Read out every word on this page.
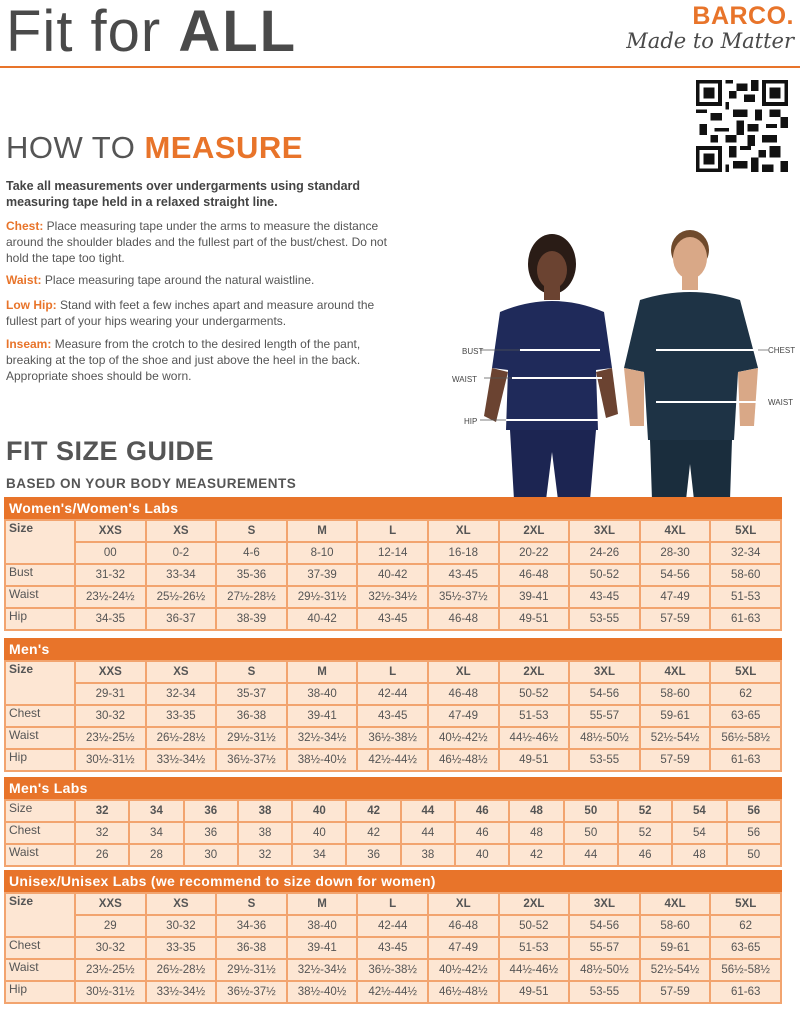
Fit for ALL	BARCO.
Made to Matter
HOW TO MEASURE
Take all measurements over undergarments using standard measuring tape held in a relaxed straight line.
Chest: Place measuring tape under the arms to measure the distance around the shoulder blades and the fullest part of the bust/chest. Do not hold the tape too tight.
Waist: Place measuring tape around the natural waistline.
Low Hip: Stand with feet a few inches apart and measure around the fullest part of your hips wearing your undergarments.
Inseam: Measure from the crotch to the desired length of the pant, breaking at the top of the shoe and just above the heel in the back. Appropriate shoes should be worn.
BUST
WAIST
HIP
CHEST
WAIST
FIT SIZE GUIDE
BASED ON YOUR BODY MEASUREMENTS
Women's/Women's Labs
Size	XXS	XS	S	M	L	XL	2XL	3XL	4XL	5XL
	00	0-2	4-6	8-10	12-14	16-18	20-22	24-26	28-30	32-34
Bust	31-32	33-34	35-36	37-39	40-42	43-45	46-48	50-52	54-56	58-60
Waist	23½-24½	25½-26½	27½-28½	29½-31½	32½-34½	35½-37½	39-41	43-45	47-49	51-53
Hip	34-35	36-37	38-39	40-42	43-45	46-48	49-51	53-55	57-59	61-63
Men's
Size	XXS	XS	S	M	L	XL	2XL	3XL	4XL	5XL
	29-31	32-34	35-37	38-40	42-44	46-48	50-52	54-56	58-60	62
Chest	30-32	33-35	36-38	39-41	43-45	47-49	51-53	55-57	59-61	63-65
Waist	23½-25½	26½-28½	29½-31½	32½-34½	36½-38½	40½-42½	44½-46½	48½-50½	52½-54½	56½-58½
Hip	30½-31½	33½-34½	36½-37½	38½-40½	42½-44½	46½-48½	49-51	53-55	57-59	61-63
Men's Labs
Size	32	34	36	38	40	42	44	46	48	50	52	54	56
Chest	32	34	36	38	40	42	44	46	48	50	52	54	56
Waist	26	28	30	32	34	36	38	40	42	44	46	48	50
Unisex/Unisex Labs (we recommend to size down for women)
Size	XXS	XS	S	M	L	XL	2XL	3XL	4XL	5XL
	29	30-32	34-36	38-40	42-44	46-48	50-52	54-56	58-60	62
Chest	30-32	33-35	36-38	39-41	43-45	47-49	51-53	55-57	59-61	63-65
Waist	23½-25½	26½-28½	29½-31½	32½-34½	36½-38½	40½-42½	44½-46½	48½-50½	52½-54½	56½-58½
Hip	30½-31½	33½-34½	36½-37½	38½-40½	42½-44½	46½-48½	49-51	53-55	57-59	61-63
